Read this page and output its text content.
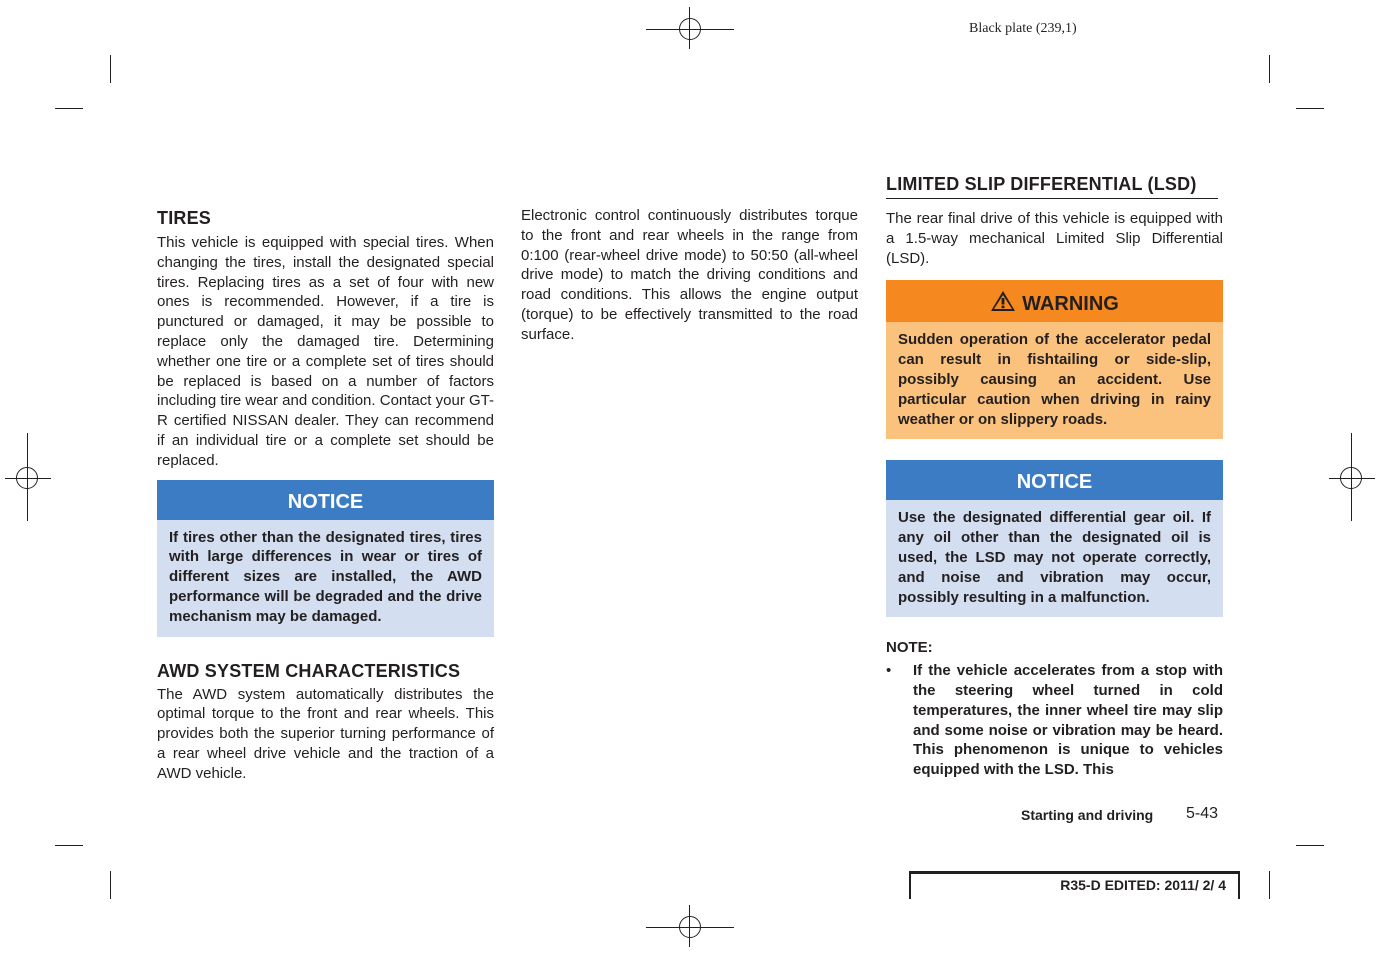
Black plate (239,1)
TIRES

This vehicle is equipped with special tires. When changing the tires, install the designated special tires. Replacing tires as a set of four with new ones is recommended. However, if a tire is punctured or damaged, it may be possible to replace only the damaged tire. Determining whether one tire or a complete set of tires should be replaced is based on a number of factors including tire wear and condition. Contact your GT-R certified NISSAN dealer. They can recommend if an individual tire or a complete set should be replaced.

NOTICE
If tires other than the designated tires, tires with large differences in wear or tires of different sizes are installed, the AWD performance will be degraded and the drive mechanism may be damaged.
AWD SYSTEM CHARACTERISTICS

The AWD system automatically distributes the optimal torque to the front and rear wheels. This provides both the superior turning performance of a rear wheel drive vehicle and the traction of a AWD vehicle.

Electronic control continuously distributes torque to the front and rear wheels in the range from 0:100 (rear-wheel drive mode) to 50:50 (all-wheel drive mode) to match the driving conditions and road conditions. This allows the engine output (torque) to be effectively transmitted to the road surface.

LIMITED SLIP DIFFERENTIAL (LSD)

The rear final drive of this vehicle is equipped with a 1.5-way mechanical Limited Slip Differential (LSD).

WARNING
Sudden operation of the accelerator pedal can result in fishtailing or side-slip, possibly causing an accident. Use particular caution when driving in rainy weather or on slippery roads.
NOTICE
Use the designated differential gear oil. If any oil other than the designated oil is used, the LSD may not operate correctly, and noise and vibration may occur, possibly resulting in a malfunction.
NOTE:
•	If the vehicle accelerates from a stop with the steering wheel turned in cold temperatures, the inner wheel tire may slip and some noise or vibration may be heard. This phenomenon is unique to vehicles equipped with the LSD. This

Starting and driving 5-43
R35-D EDITED: 2011/ 2/ 4
